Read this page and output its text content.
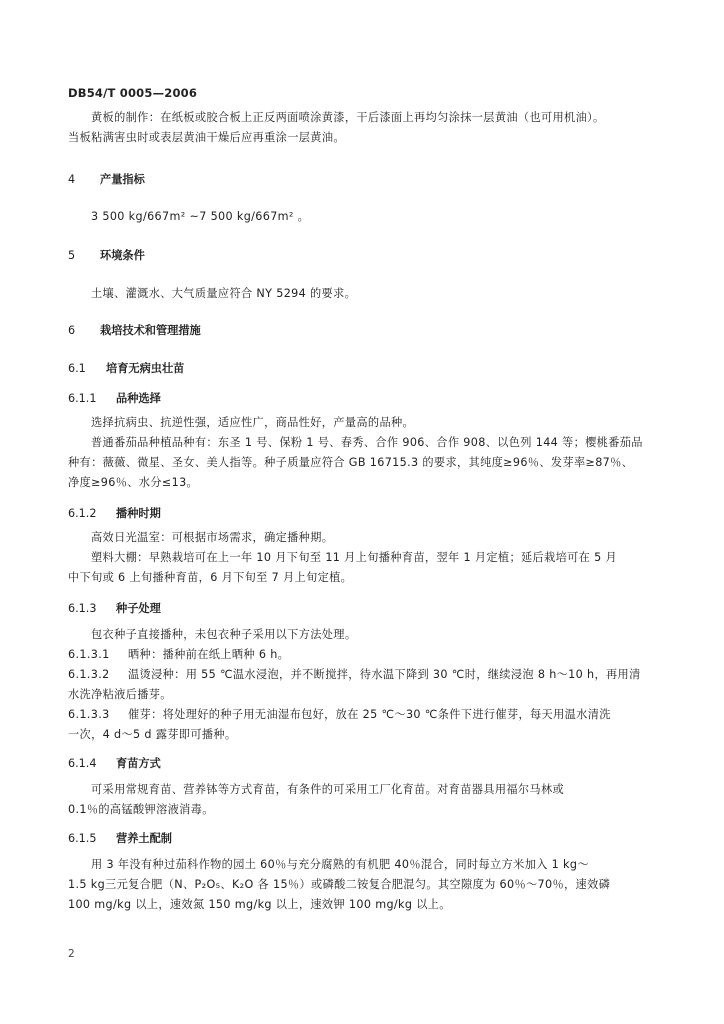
DB54/T 0005—2006
黄板的制作：在纸板或胶合板上正反两面喷涂黄漆，干后漆面上再均匀涂抹一层黄油（也可用机油）。
当板粘满害虫时或表层黄油干燥后应再重涂一层黄油。
4 产量指标
3 500 kg/667m² ~7 500 kg/667m² 。
5 环境条件
土壤、灌溉水、大气质量应符合 NY 5294 的要求。
6 栽培技术和管理措施
6.1 培育无病虫壮苗
6.1.1 品种选择
选择抗病虫、抗逆性强，适应性广，商品性好，产量高的品种。
普通番茄品种植品种有：东圣 1 号、保粉 1 号、春秀、合作 906、合作 908、以色列 144 等；樱桃番茄品
种有：薇薇、微星、圣女、美人指等。种子质量应符合 GB 16715.3 的要求，其纯度≥96％、发芽率≥87％、
净度≥96％、水分≤13。
6.1.2 播种时期
高效日光温室：可根据市场需求，确定播种期。
塑料大棚：早熟栽培可在上一年 10 月下旬至 11 月上旬播种育苗，翌年 1 月定植；延后栽培可在 5 月
中下旬或 6 上旬播种育苗，6 月下旬至 7 月上旬定植。
6.1.3 种子处理
包衣种子直接播种，未包衣种子采用以下方法处理。
6.1.3.1 晒种：播种前在纸上晒种 6 h。
6.1.3.2 温烫浸种：用 55 ℃温水浸泡，并不断搅拌，待水温下降到 30 ℃时，继续浸泡 8 h～10 h，再用清
水洗净粘液后播芽。
6.1.3.3 催芽：将处理好的种子用无油湿布包好，放在 25 ℃～30 ℃条件下进行催芽，每天用温水清洗
一次，4 d～5 d 露芽即可播种。
6.1.4 育苗方式
可采用常规育苗、营养钵等方式育苗，有条件的可采用工厂化育苗。对育苗器具用福尔马林或
0.1％的高锰酸钾溶液消毒。
6.1.5 营养土配制
用 3 年没有种过茄科作物的园土 60％与充分腐熟的有机肥 40％混合，同时每立方米加入 1 kg～
1.5 kg三元复合肥（N、P₂O₅、K₂O 各 15％）或磷酸二铵复合肥混匀。其空隙度为 60％～70％，速效磷
100 mg/kg 以上，速效氮 150 mg/kg 以上，速效钾 100 mg/kg 以上。
2
